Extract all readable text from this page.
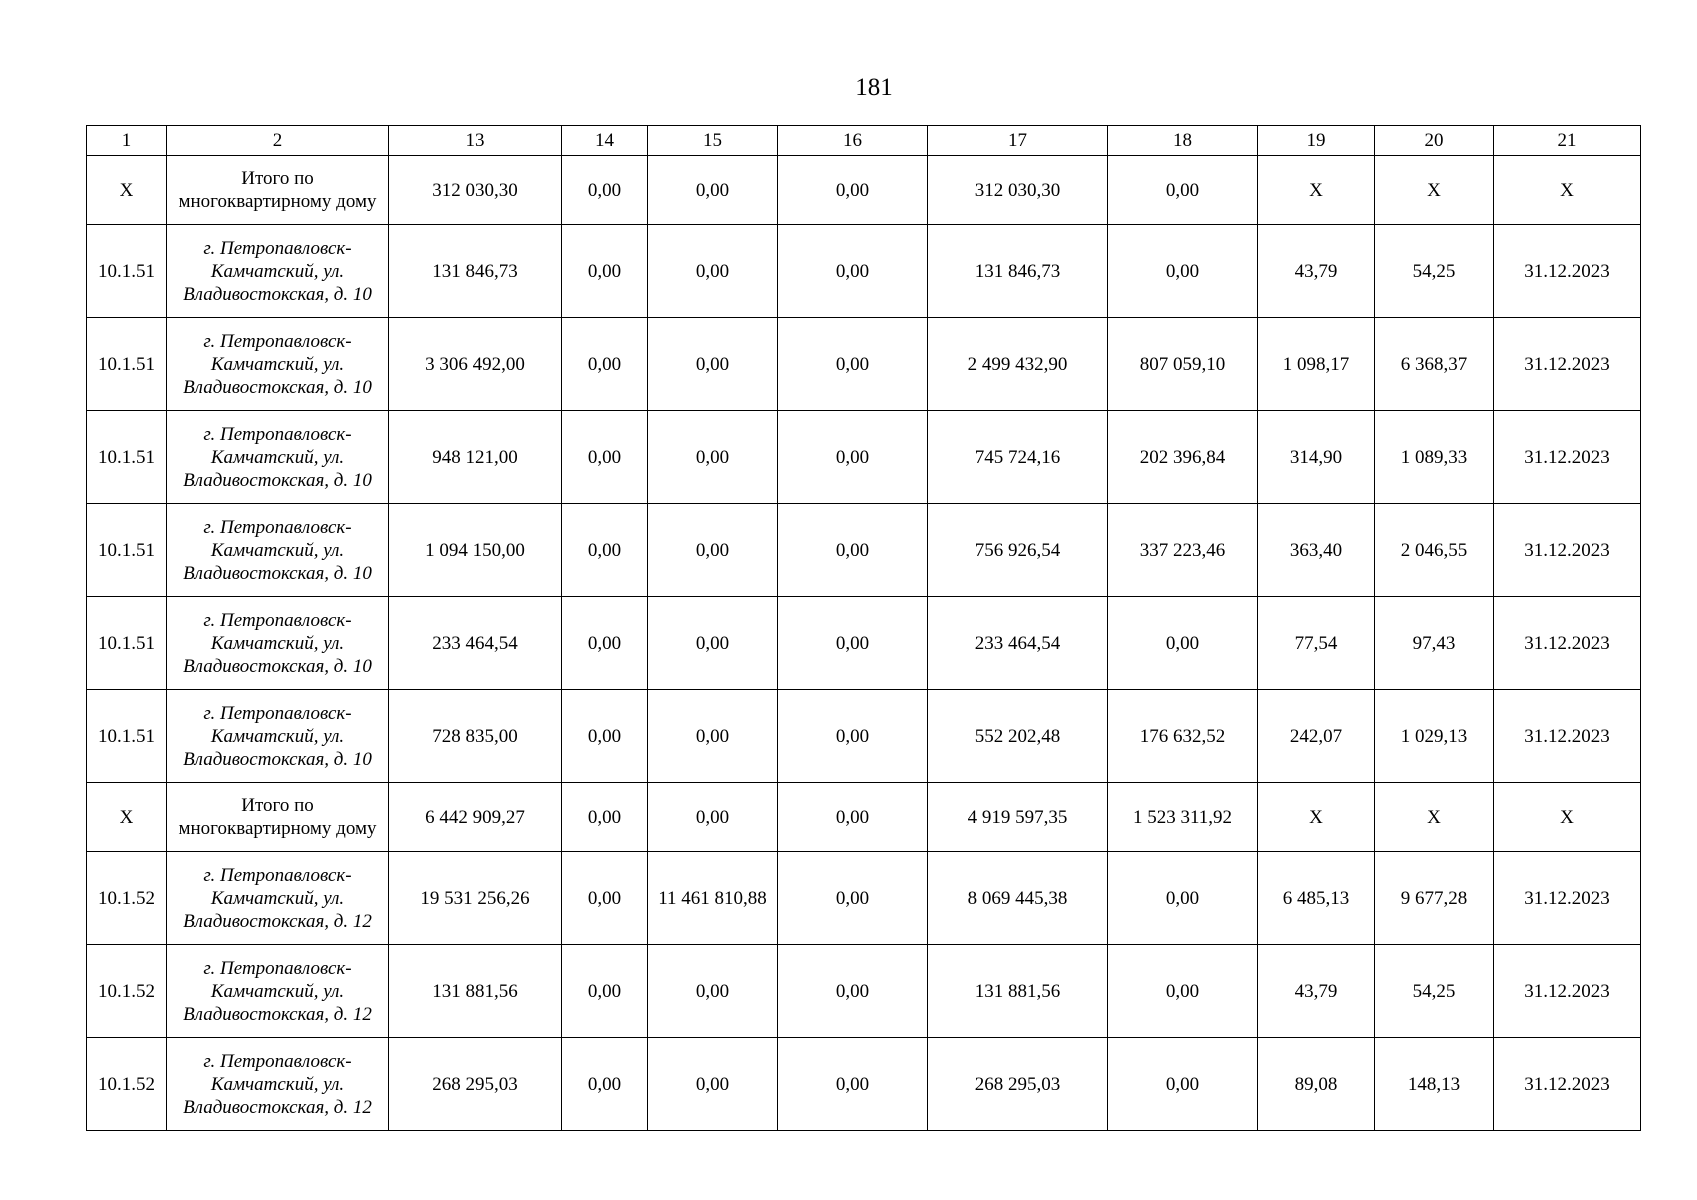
181
1	2	13	14	15	16	17	18	19	20	21
X	Итого по многоквартирному дому	312 030,30	0,00	0,00	0,00	312 030,30	0,00	X	X	X
10.1.51	г. Петропавловск-Камчатский, ул. Владивостокская, д. 10	131 846,73	0,00	0,00	0,00	131 846,73	0,00	43,79	54,25	31.12.2023
10.1.51	г. Петропавловск-Камчатский, ул. Владивостокская, д. 10	3 306 492,00	0,00	0,00	0,00	2 499 432,90	807 059,10	1 098,17	6 368,37	31.12.2023
10.1.51	г. Петропавловск-Камчатский, ул. Владивостокская, д. 10	948 121,00	0,00	0,00	0,00	745 724,16	202 396,84	314,90	1 089,33	31.12.2023
10.1.51	г. Петропавловск-Камчатский, ул. Владивостокская, д. 10	1 094 150,00	0,00	0,00	0,00	756 926,54	337 223,46	363,40	2 046,55	31.12.2023
10.1.51	г. Петропавловск-Камчатский, ул. Владивостокская, д. 10	233 464,54	0,00	0,00	0,00	233 464,54	0,00	77,54	97,43	31.12.2023
10.1.51	г. Петропавловск-Камчатский, ул. Владивостокская, д. 10	728 835,00	0,00	0,00	0,00	552 202,48	176 632,52	242,07	1 029,13	31.12.2023
X	Итого по многоквартирному дому	6 442 909,27	0,00	0,00	0,00	4 919 597,35	1 523 311,92	X	X	X
10.1.52	г. Петропавловск-Камчатский, ул. Владивостокская, д. 12	19 531 256,26	0,00	11 461 810,88	0,00	8 069 445,38	0,00	6 485,13	9 677,28	31.12.2023
10.1.52	г. Петропавловск-Камчатский, ул. Владивостокская, д. 12	131 881,56	0,00	0,00	0,00	131 881,56	0,00	43,79	54,25	31.12.2023
10.1.52	г. Петропавловск-Камчатский, ул. Владивостокская, д. 12	268 295,03	0,00	0,00	0,00	268 295,03	0,00	89,08	148,13	31.12.2023
